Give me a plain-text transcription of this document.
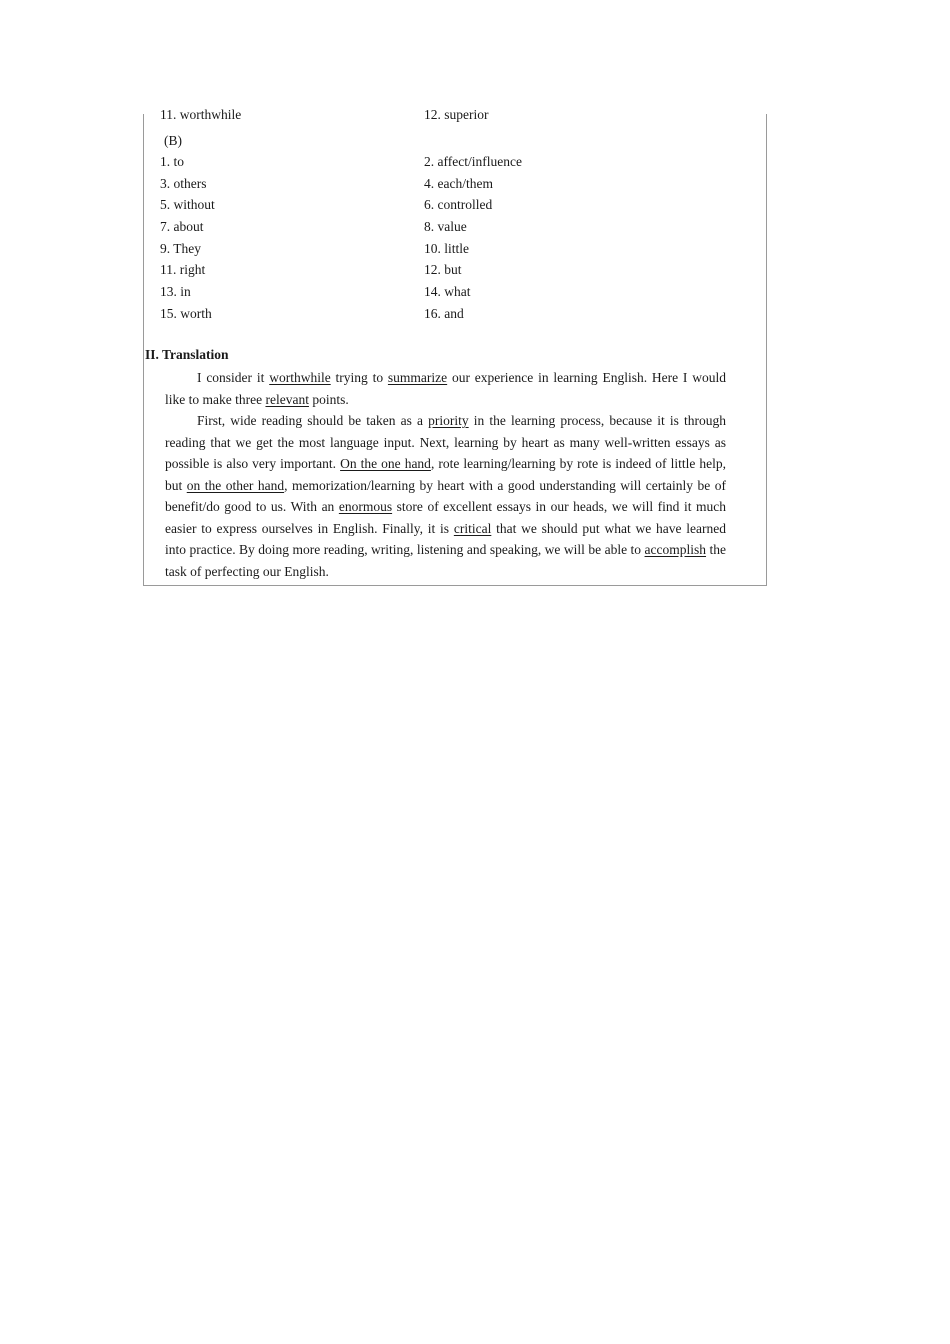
11. worthwhile	12. superior
(B)
1. to	2. affect/influence
3. others	4. each/them
5. without	6. controlled
7. about	8. value
9. They	10. little
11. right	12. but
13. in	14. what
15. worth	16. and
II. Translation

I consider it worthwhile trying to summarize our experience in learning English. Here I would like to make three relevant points.

First, wide reading should be taken as a priority in the learning process, because it is through reading that we get the most language input. Next, learning by heart as many well-written essays as possible is also very important. On the one hand, rote learning/learning by rote is indeed of little help, but on the other hand, memorization/learning by heart with a good understanding will certainly be of benefit/do good to us. With an enormous store of excellent essays in our heads, we will find it much easier to express ourselves in English. Finally, it is critical that we should put what we have learned into practice. By doing more reading, writing, listening and speaking, we will be able to accomplish the task of perfecting our English.
